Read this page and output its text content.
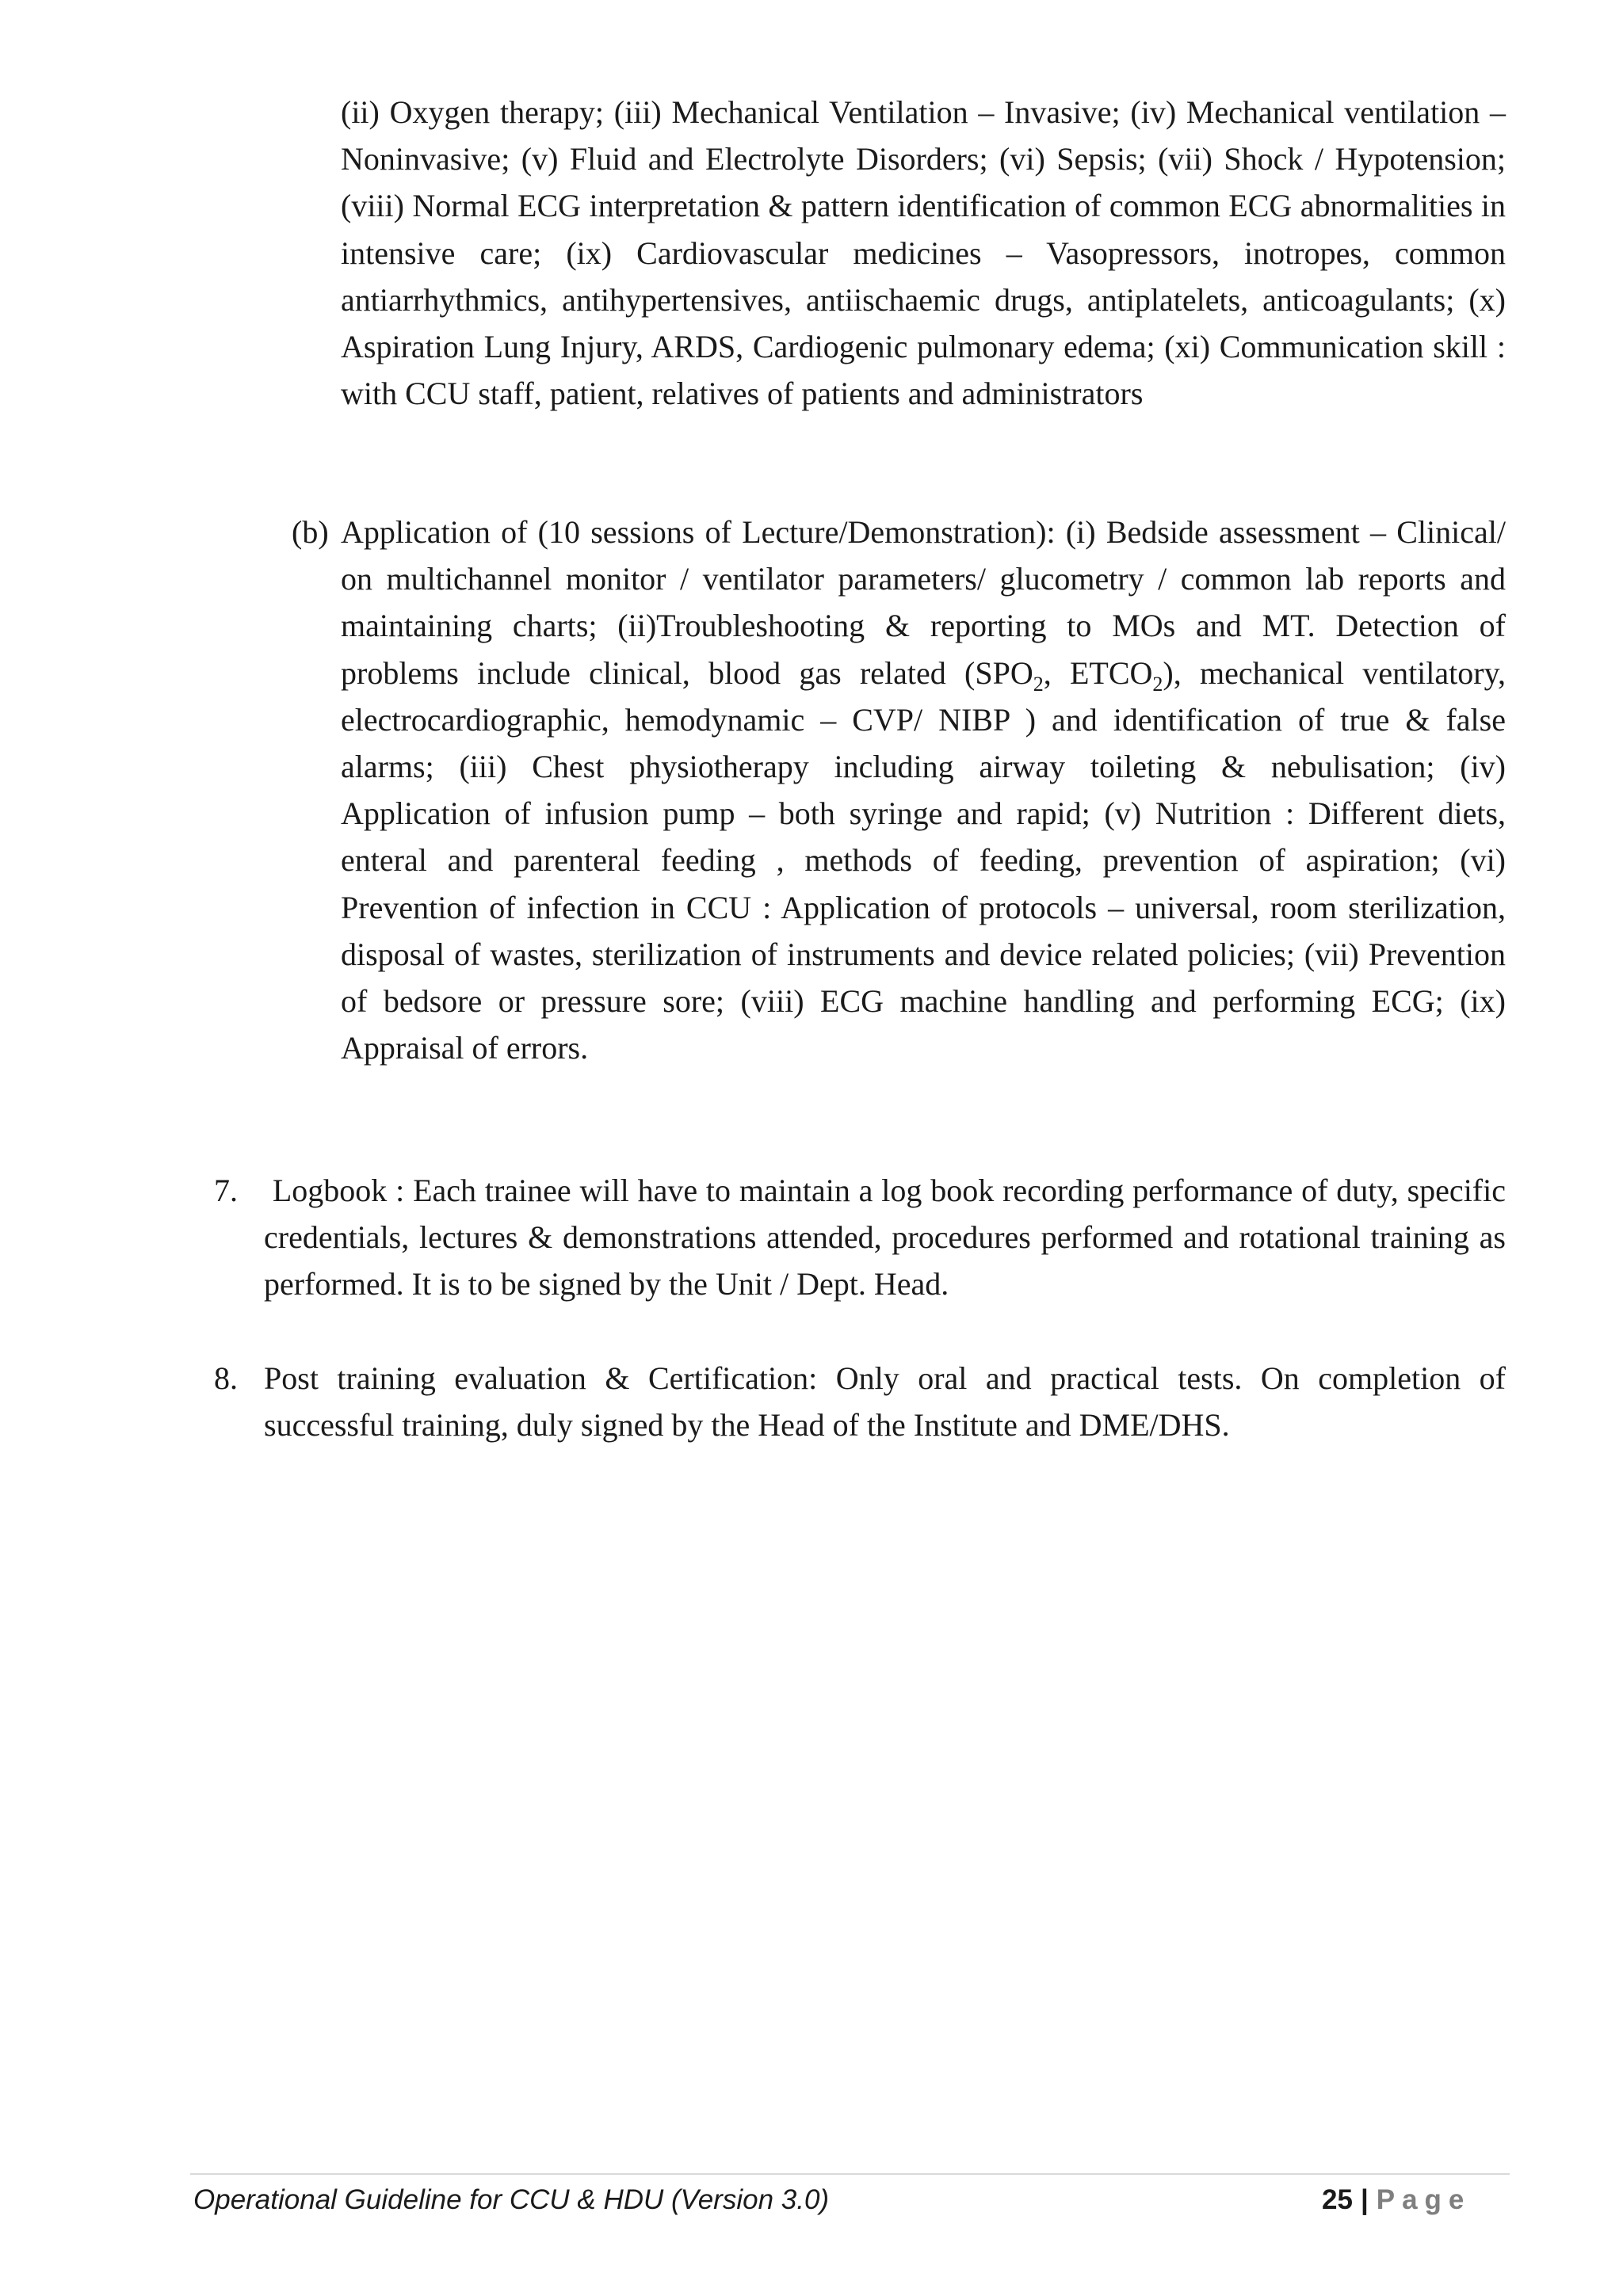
(ii) Oxygen therapy; (iii) Mechanical Ventilation – Invasive; (iv) Mechanical ventilation – Noninvasive; (v) Fluid and Electrolyte Disorders; (vi) Sepsis; (vii) Shock / Hypotension; (viii) Normal ECG interpretation & pattern identification of common ECG abnormalities in intensive care; (ix) Cardiovascular medicines – Vasopressors, inotropes, common antiarrhythmics, antihypertensives, antiischaemic drugs, antiplatelets, anticoagulants; (x) Aspiration Lung Injury, ARDS, Cardiogenic pulmonary edema; (xi) Communication skill : with CCU staff, patient, relatives of patients and administrators

(b) Application of (10 sessions of Lecture/Demonstration): (i) Bedside assessment – Clinical/ on multichannel monitor / ventilator parameters/ glucometry / common lab reports and maintaining charts; (ii)Troubleshooting & reporting to MOs and MT. Detection of problems include clinical, blood gas related ($SPO_2$, $ETCO_2$), mechanical ventilatory, electrocardiographic, hemodynamic – CVP/ NIBP ) and identification of true & false alarms; (iii) Chest physiotherapy including airway toileting & nebulisation; (iv) Application of infusion pump – both syringe and rapid; (v) Nutrition : Different diets, enteral and parenteral feeding , methods of feeding, prevention of aspiration; (vi) Prevention of infection in CCU : Application of protocols – universal, room sterilization, disposal of wastes, sterilization of instruments and device related policies; (vii) Prevention of bedsore or pressure sore; (viii) ECG machine handling and performing ECG; (ix) Appraisal of errors.

7. Logbook : Each trainee will have to maintain a log book recording performance of duty, specific credentials, lectures & demonstrations attended, procedures performed and rotational training as performed. It is to be signed by the Unit / Dept. Head.

8. Post training evaluation & Certification: Only oral and practical tests. On completion of successful training, duly signed by the Head of the Institute and DME/DHS.

Operational Guideline for CCU & HDU (Version 3.0)	25 | Page
